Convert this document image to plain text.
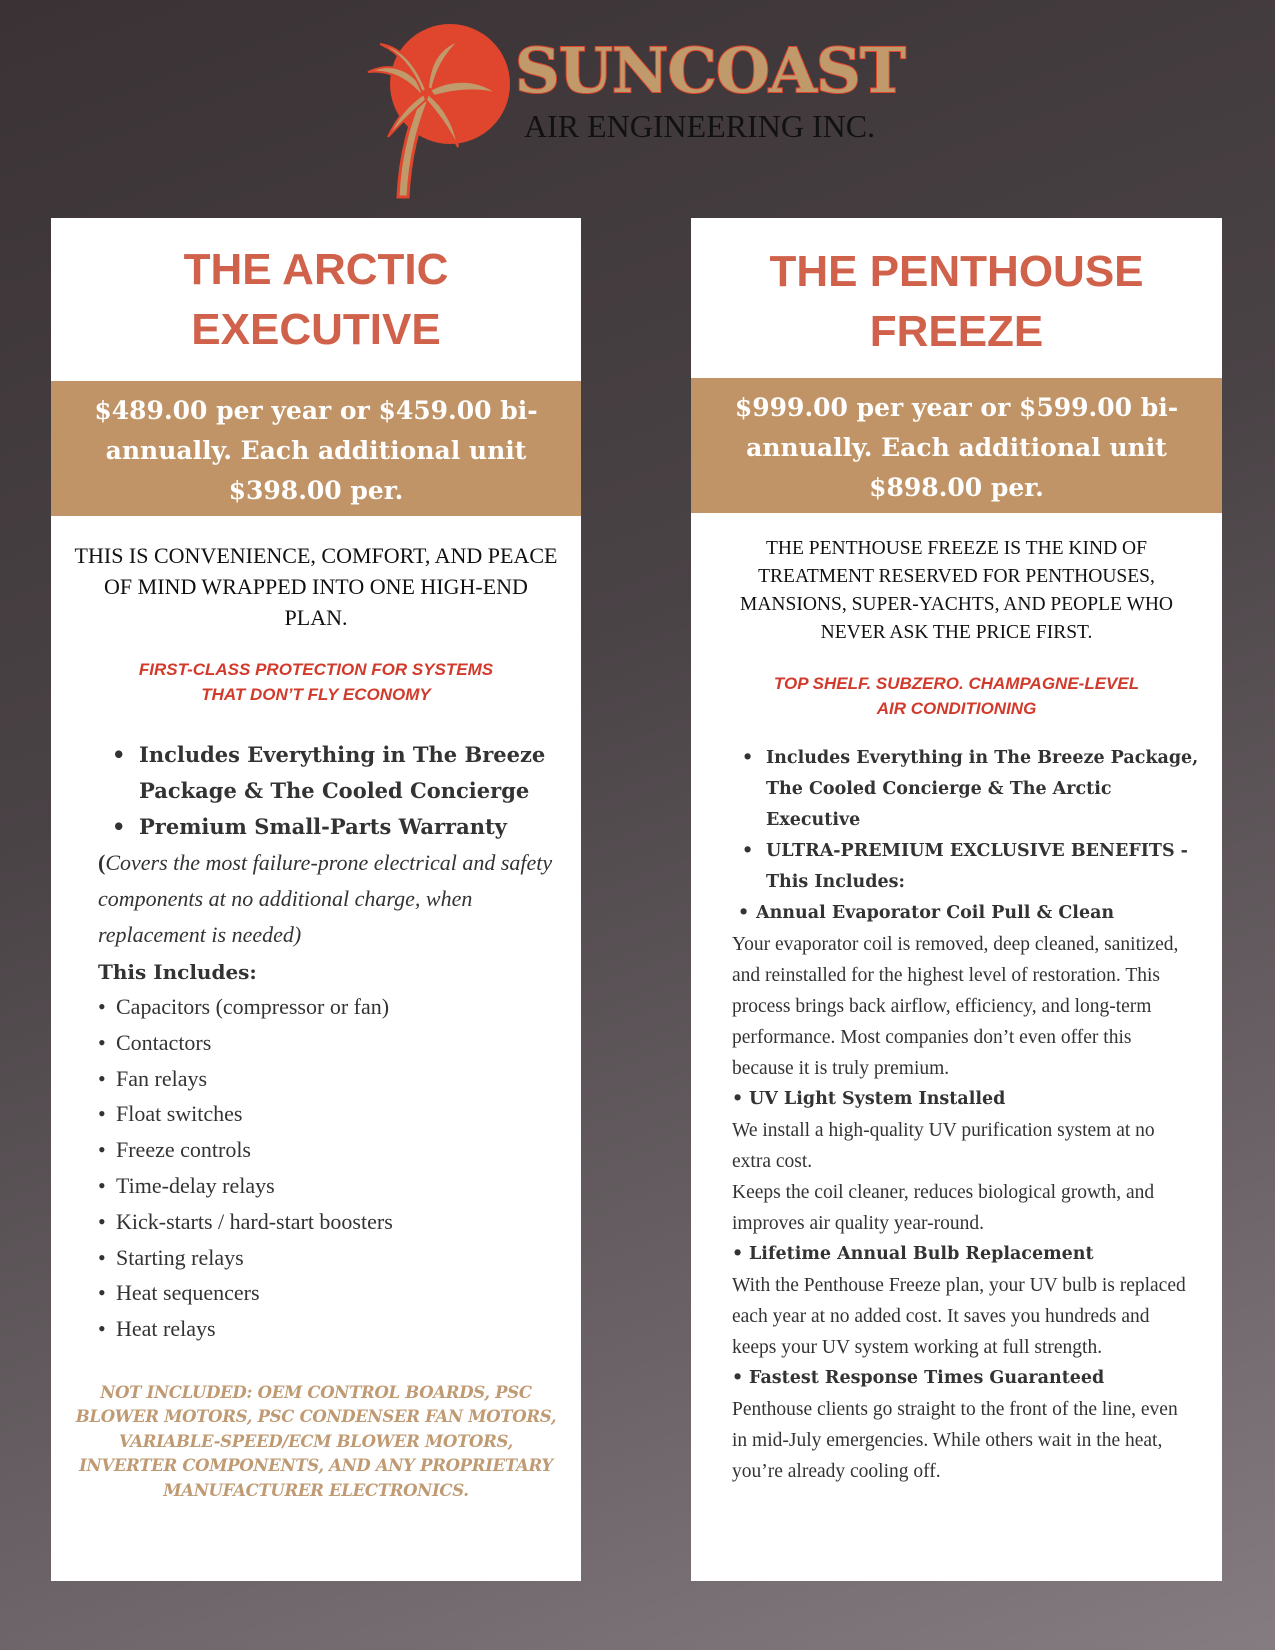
SUNCOAST
AIR ENGINEERING INC.
THE ARCTIC
EXECUTIVE
$489.00 per year or $459.00 bi-annually. Each additional unit $398.00 per.
THIS IS CONVENIENCE, COMFORT, AND PEACE OF MIND WRAPPED INTO ONE HIGH-END PLAN.
FIRST-CLASS PROTECTION FOR SYSTEMS
THAT DON’T FLY ECONOMY
• Includes Everything in The Breeze Package & The Cooled Concierge
• Premium Small-Parts Warranty
(Covers the most failure-prone electrical and safety components at no additional charge, when replacement is needed)
This Includes:
• Capacitors (compressor or fan)
• Contactors
• Fan relays
• Float switches
• Freeze controls
• Time-delay relays
• Kick-starts / hard-start boosters
• Starting relays
• Heat sequencers
• Heat relays
NOT INCLUDED: OEM CONTROL BOARDS, PSC BLOWER MOTORS, PSC CONDENSER FAN MOTORS, VARIABLE-SPEED/ECM BLOWER MOTORS, INVERTER COMPONENTS, AND ANY PROPRIETARY MANUFACTURER ELECTRONICS.
THE PENTHOUSE
FREEZE
$999.00 per year or $599.00 bi-annually. Each additional unit $898.00 per.
THE PENTHOUSE FREEZE IS THE KIND OF TREATMENT RESERVED FOR PENTHOUSES, MANSIONS, SUPER-YACHTS, AND PEOPLE WHO NEVER ASK THE PRICE FIRST.
TOP SHELF. SUBZERO. CHAMPAGNE-LEVEL
AIR CONDITIONING
• Includes Everything in The Breeze Package, The Cooled Concierge & The Arctic Executive
• ULTRA-PREMIUM EXCLUSIVE BENEFITS - This Includes:
• Annual Evaporator Coil Pull & Clean
Your evaporator coil is removed, deep cleaned, sanitized, and reinstalled for the highest level of restoration. This process brings back airflow, efficiency, and long-term performance. Most companies don’t even offer this because it is truly premium.
• UV Light System Installed
We install a high-quality UV purification system at no extra cost.
Keeps the coil cleaner, reduces biological growth, and improves air quality year-round.
• Lifetime Annual Bulb Replacement
With the Penthouse Freeze plan, your UV bulb is replaced each year at no added cost. It saves you hundreds and keeps your UV system working at full strength.
• Fastest Response Times Guaranteed
Penthouse clients go straight to the front of the line, even in mid-July emergencies. While others wait in the heat, you’re already cooling off.
